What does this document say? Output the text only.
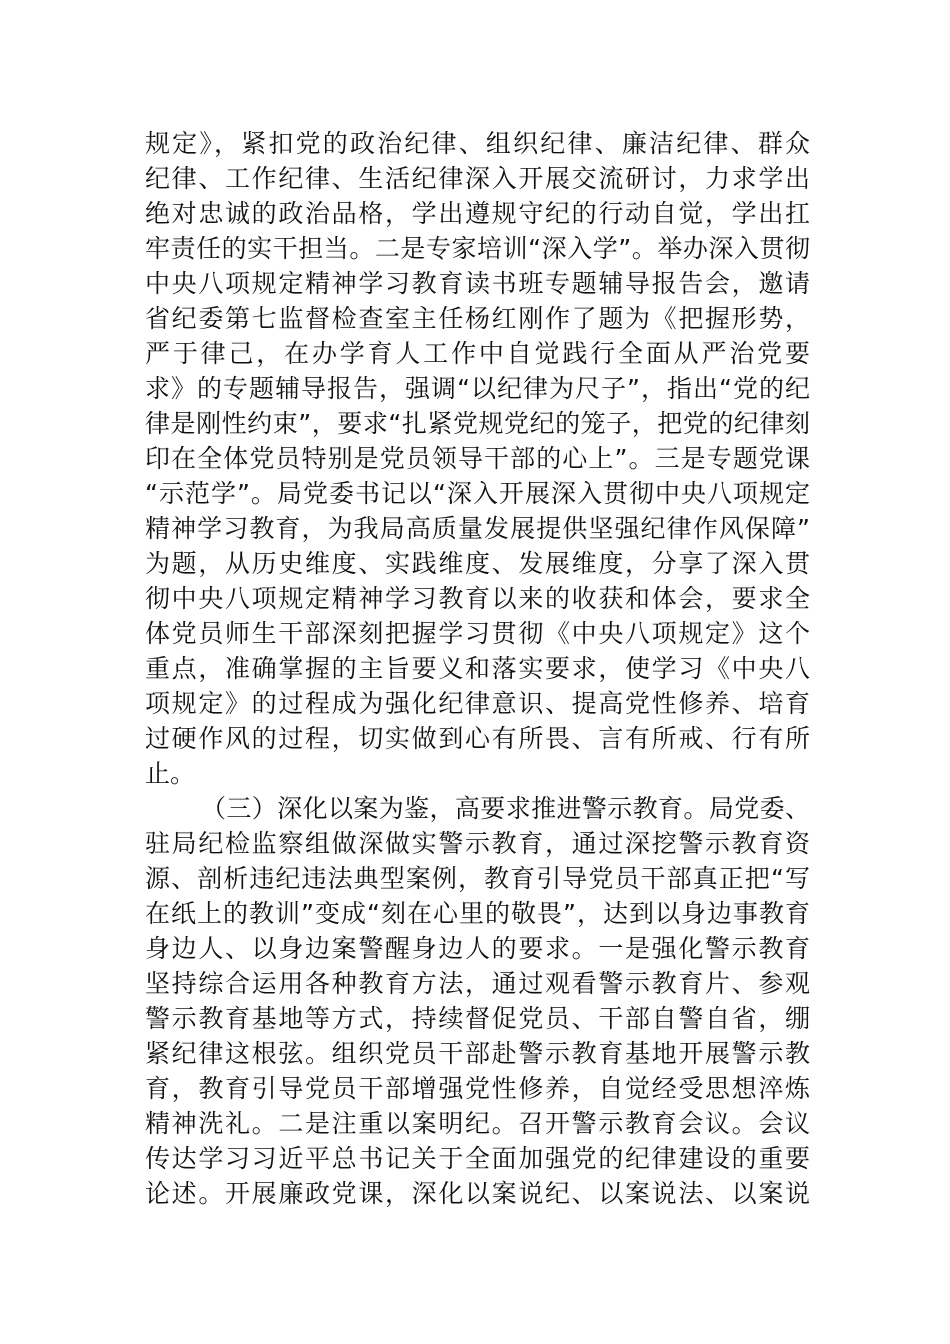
规定》，紧扣党的政治纪律、组织纪律、廉洁纪律、群众
纪律、工作纪律、生活纪律深入开展交流研讨，力求学出
绝对忠诚的政治品格，学出遵规守纪的行动自觉，学出扛
牢责任的实干担当。二是专家培训“深入学”。举办深入贯彻
中央八项规定精神学习教育读书班专题辅导报告会，邀请
省纪委第七监督检查室主任杨红刚作了题为《把握形势，
严于律己，在办学育人工作中自觉践行全面从严治党要
求》的专题辅导报告，强调“以纪律为尺子”，指出“党的纪
律是刚性约束”，要求“扎紧党规党纪的笼子，把党的纪律刻
印在全体党员特别是党员领导干部的心上”。三是专题党课
“示范学”。局党委书记以“深入开展深入贯彻中央八项规定
精神学习教育，为我局高质量发展提供坚强纪律作风保障”
为题，从历史维度、实践维度、发展维度，分享了深入贯
彻中央八项规定精神学习教育以来的收获和体会，要求全
体党员师生干部深刻把握学习贯彻《中央八项规定》这个
重点，准确掌握的主旨要义和落实要求，使学习《中央八
项规定》的过程成为强化纪律意识、提高党性修养、培育
过硬作风的过程，切实做到心有所畏、言有所戒、行有所
止。
（三）深化以案为鉴，高要求推进警示教育。局党委、
驻局纪检监察组做深做实警示教育，通过深挖警示教育资
源、剖析违纪违法典型案例，教育引导党员干部真正把“写
在纸上的教训”变成“刻在心里的敬畏”，达到以身边事教育
身边人、以身边案警醒身边人的要求。一是强化警示教育
坚持综合运用各种教育方法，通过观看警示教育片、参观
警示教育基地等方式，持续督促党员、干部自警自省，绷
紧纪律这根弦。组织党员干部赴警示教育基地开展警示教
育，教育引导党员干部增强党性修养，自觉经受思想淬炼
精神洗礼。二是注重以案明纪。召开警示教育会议。会议
传达学习习近平总书记关于全面加强党的纪律建设的重要
论述。开展廉政党课，深化以案说纪、以案说法、以案说
